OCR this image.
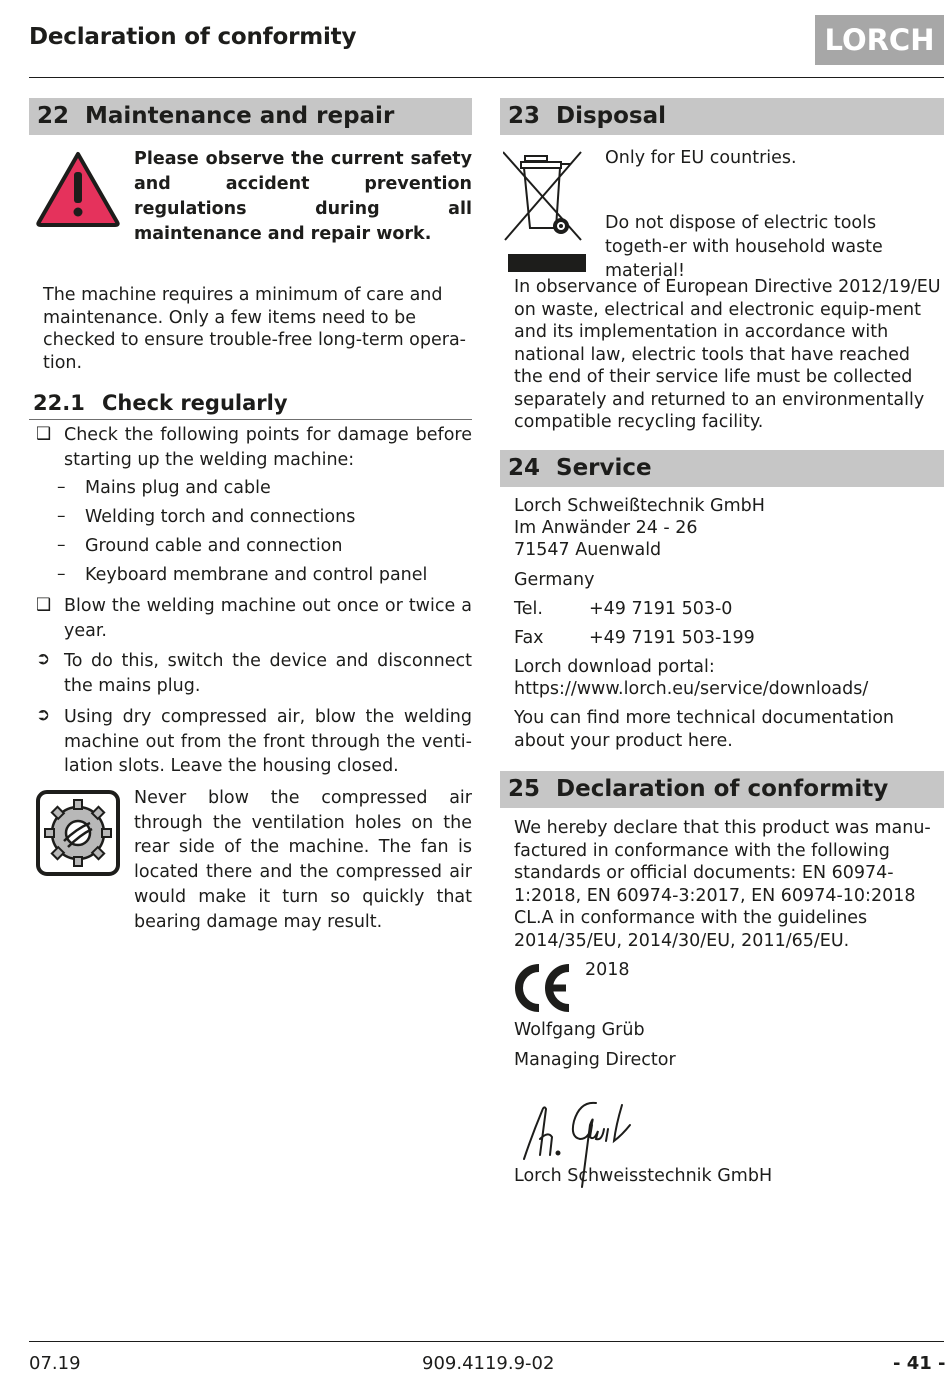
Declaration of conformity	LORCH
22 Maintenance and repair
Please observe the current safety and accident prevention regulations during all maintenance and repair work.
The machine requires a minimum of care and maintenance. Only a few items need to be checked to ensure trouble-free long-term opera-tion.
22.1 Check regularly
❑ Check the following points for damage before starting up the welding machine:
– Mains plug and cable
– Welding torch and connections
– Ground cable and connection
– Keyboard membrane and control panel
❑ Blow the welding machine out once or twice a year.
➲ To do this, switch the device and disconnect the mains plug.
➲ Using dry compressed air, blow the welding machine out from the front through the venti-lation slots. Leave the housing closed.
Never blow the compressed air through the ventilation holes on the rear side of the machine. The fan is located there and the compressed air would make it turn so quickly that bearing damage may result.
23 Disposal
Only for EU countries.
Do not dispose of electric tools togeth-er with household waste material!
In observance of European Directive 2012/19/EU on waste, electrical and electronic equip-ment and its implementation in accordance with national law, electric tools that have reached the end of their service life must be collected separately and returned to an environmentally compatible recycling facility.
24 Service
Lorch Schweißtechnik GmbH
Im Anwänder 24 - 26
71547 Auenwald
Germany
Tel.	+49 7191 503-0
Fax	+49 7191 503-199
Lorch download portal:
https://www.lorch.eu/service/downloads/
You can find more technical documentation about your product here.
25 Declaration of conformity
We hereby declare that this product was manu-factured in conformance with the following standards or official documents: EN 60974-1:2018, EN 60974-3:2017, EN 60974-10:2018 CL.A in conformance with the guidelines 2014/35/EU, 2014/30/EU, 2011/65/EU.
2018
Wolfgang Grüb
Managing Director
Lorch Schweisstechnik GmbH
07.19	909.4119.9-02	- 41 -
